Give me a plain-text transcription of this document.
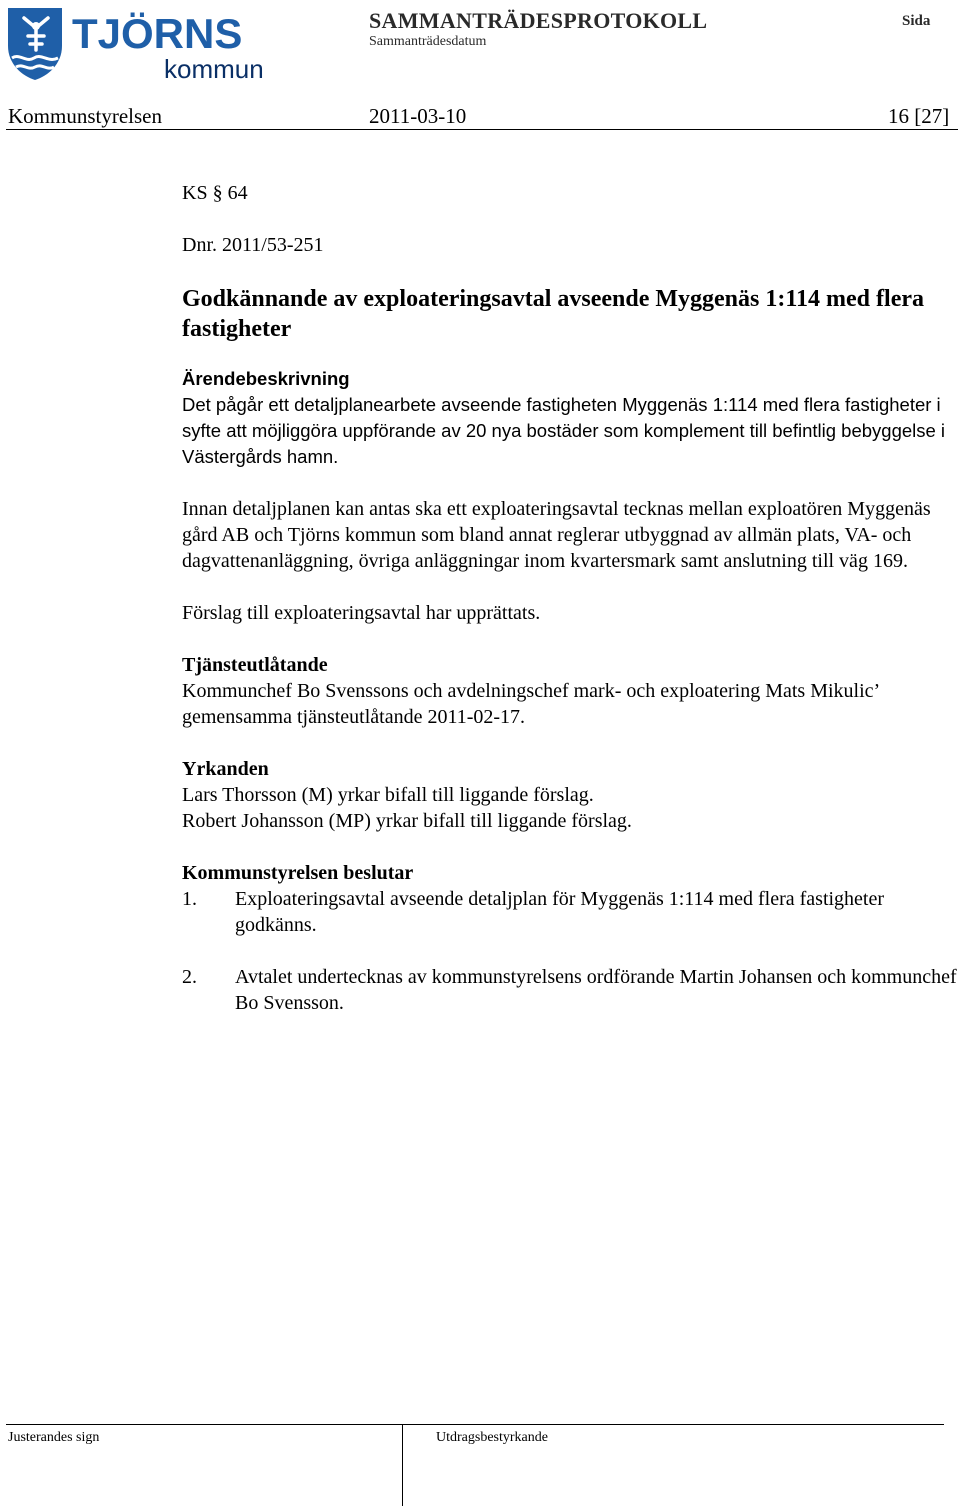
TJÖRNS
kommun
SAMMANTRÄDESPROTOKOLL
Sammanträdesdatum
Sida
Kommunstyrelsen	2011-03-10	16 [27]

KS § 64

Dnr. 2011/53-251

Godkännande av exploateringsavtal avseende Myggenäs 1:114 med flera fastigheter

Ärendebeskrivning

Det pågår ett detaljplanearbete avseende fastigheten Myggenäs 1:114 med flera fastigheter i syfte att möjliggöra uppförande av 20 nya bostäder som komplement till befintlig bebyggelse i Västergårds hamn.

Innan detaljplanen kan antas ska ett exploateringsavtal tecknas mellan exploatören Myggenäs gård AB och Tjörns kommun som bland annat reglerar utbyggnad av allmän plats, VA- och dagvattenanläggning, övriga anläggningar inom kvartersmark samt anslutning till väg 169.

Förslag till exploateringsavtal har upprättats.

Tjänsteutlåtande

Kommunchef Bo Svenssons och avdelningschef mark- och exploatering Mats Mikulic’ gemensamma tjänsteutlåtande 2011-02-17.

Yrkanden

Lars Thorsson (M) yrkar bifall till liggande förslag.

Robert Johansson (MP) yrkar bifall till liggande förslag.

Kommunstyrelsen beslutar

1. Exploateringsavtal avseende detaljplan för Myggenäs 1:114 med flera fastigheter godkänns.
2. Avtalet undertecknas av kommunstyrelsens ordförande Martin Johansen och kommunchef Bo Svensson.
Justerandes sign	Utdragsbestyrkande
